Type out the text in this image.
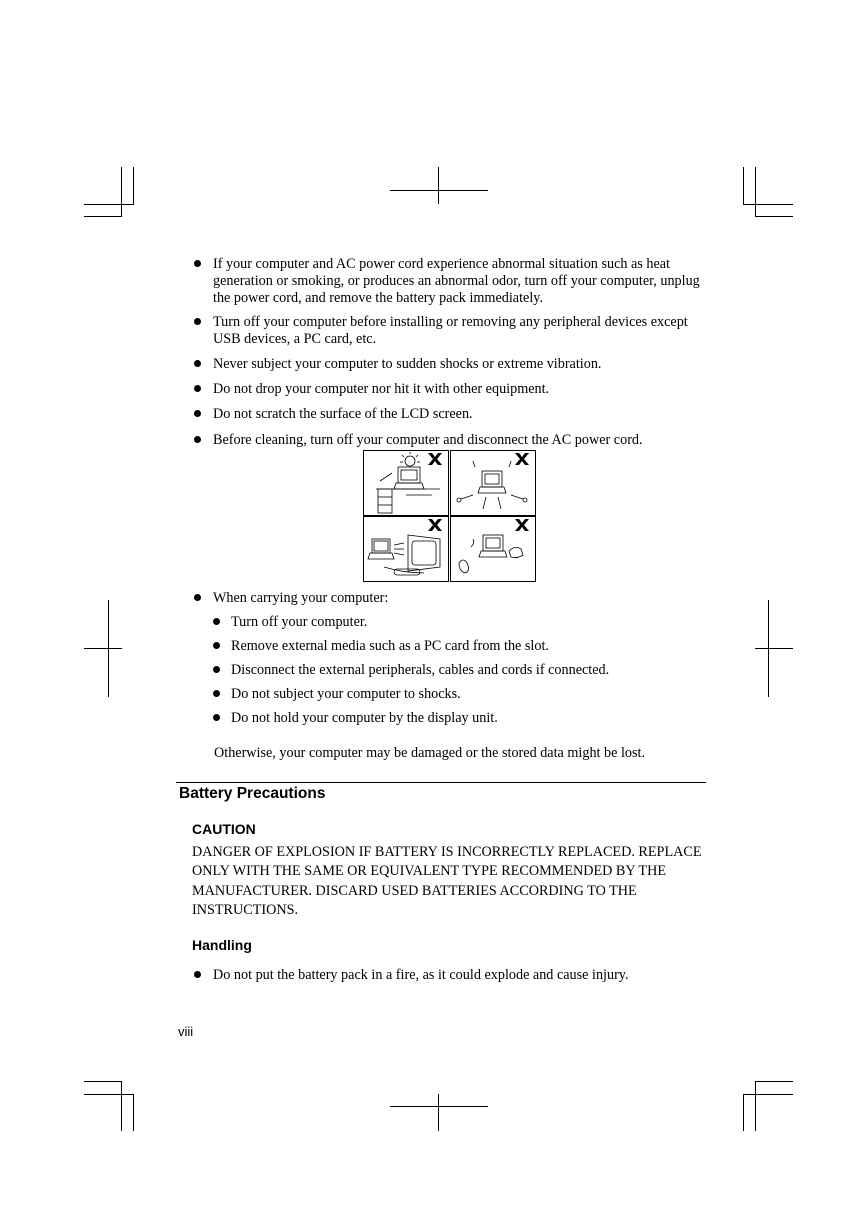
If your computer and AC power cord experience abnormal situation such as heat generation or smoking, or produces an abnormal odor, turn off your computer, unplug the power cord, and remove the battery pack immediately.
Turn off your computer before installing or removing any peripheral devices except USB devices, a PC card, etc.
Never subject your computer to sudden shocks or extreme vibration.
Do not drop your computer nor hit it with other equipment.
Do not scratch the surface of the LCD screen.
Before cleaning, turn off your computer and disconnect the AC power cord.
When carrying your computer:
Turn off your computer.
Remove external media such as a PC card from the slot.
Disconnect the external peripherals, cables and cords if connected.
Do not subject your computer to shocks.
Do not hold your computer by the display unit.
Otherwise, your computer may be damaged or the stored data might be lost.
Battery Precautions
CAUTION
DANGER OF EXPLOSION IF BATTERY IS INCORRECTLY REPLACED. REPLACE ONLY WITH THE SAME OR EQUIVALENT TYPE RECOMMENDED BY THE MANUFACTURER. DISCARD USED BATTERIES ACCORDING TO THE INSTRUCTIONS.
Handling
Do not put the battery pack in a fire, as it could explode and cause injury.
viii
